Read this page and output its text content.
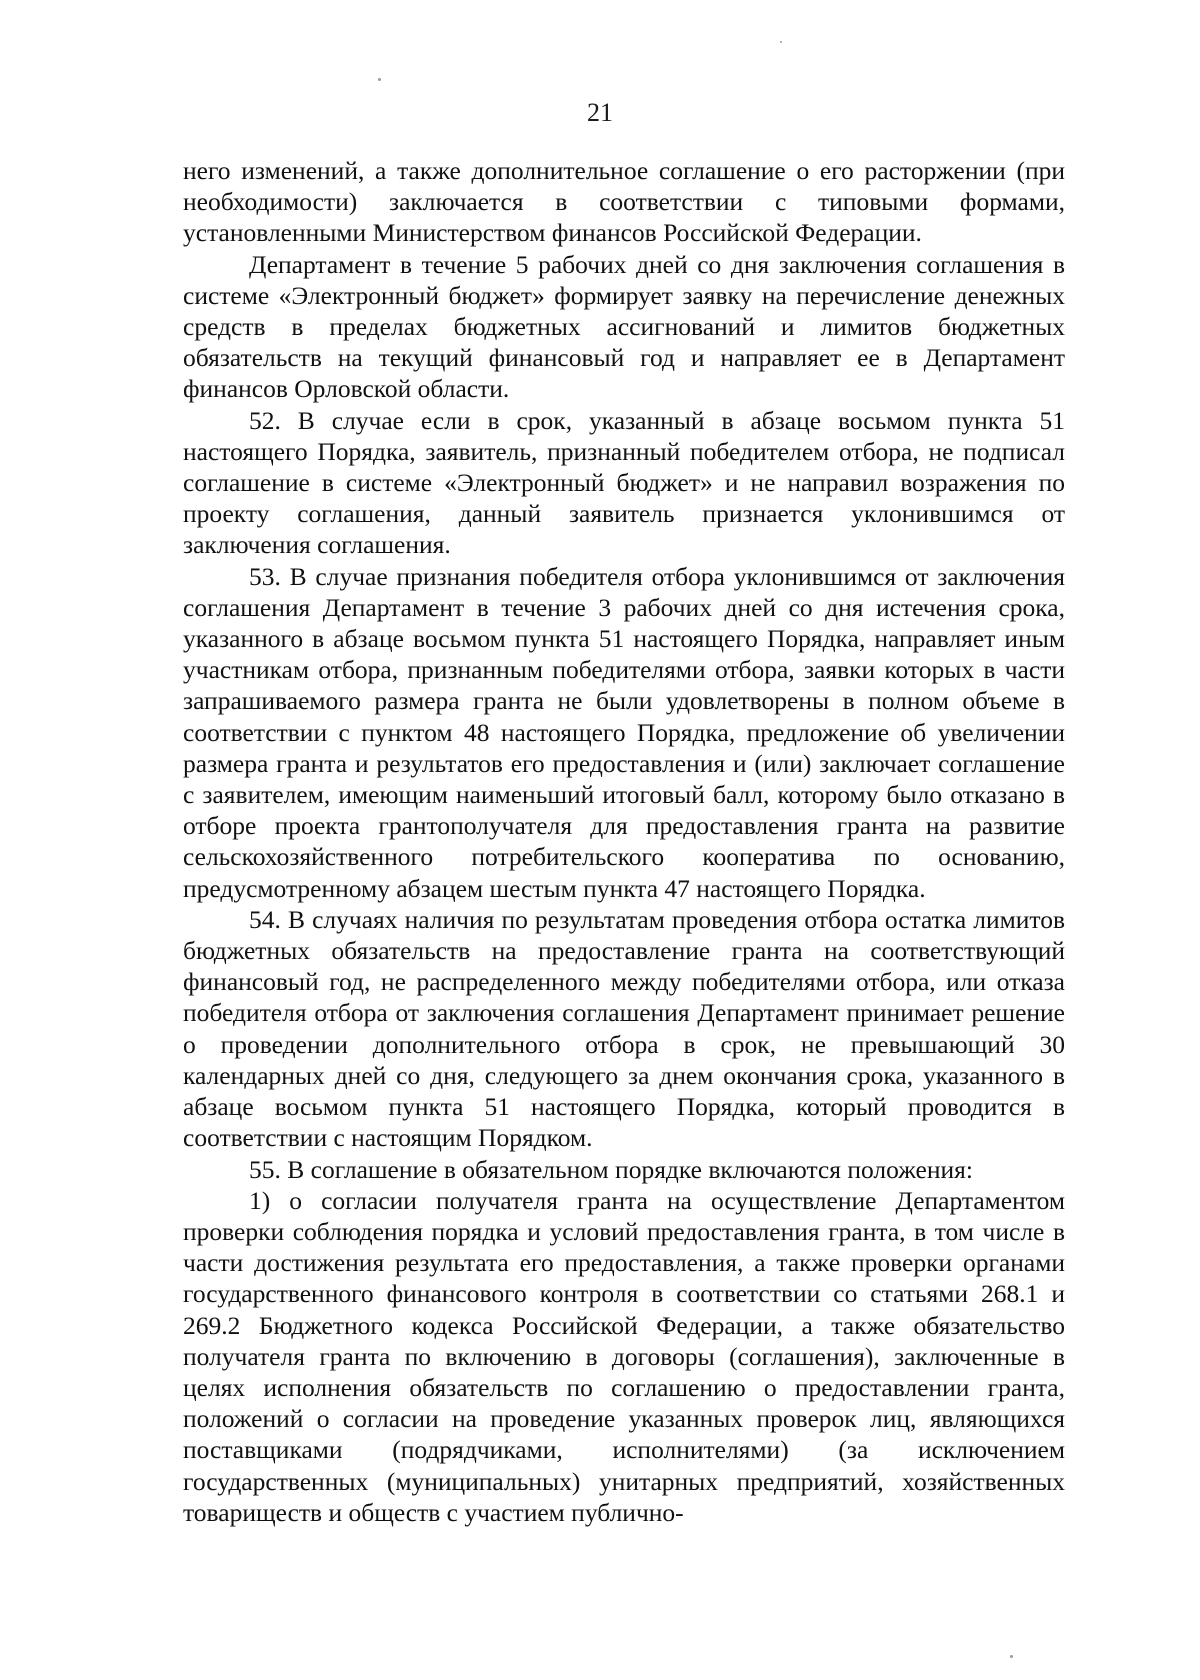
21

него изменений, а также дополнительное соглашение о его расторжении (при необходимости) заключается в соответствии с типовыми формами, установленными Министерством финансов Российской Федерации.

Департамент в течение 5 рабочих дней со дня заключения соглашения в системе «Электронный бюджет» формирует заявку на перечисление денежных средств в пределах бюджетных ассигнований и лимитов бюджетных обязательств на текущий финансовый год и направляет ее в Департамент финансов Орловской области.

52. В случае если в срок, указанный в абзаце восьмом пункта 51 настоящего Порядка, заявитель, признанный победителем отбора, не подписал соглашение в системе «Электронный бюджет» и не направил возражения по проекту соглашения, данный заявитель признается уклонившимся от заключения соглашения.

53. В случае признания победителя отбора уклонившимся от заключения соглашения Департамент в течение 3 рабочих дней со дня истечения срока, указанного в абзаце восьмом пункта 51 настоящего Порядка, направляет иным участникам отбора, признанным победителями отбора, заявки которых в части запрашиваемого размера гранта не были удовлетворены в полном объеме в соответствии с пунктом 48 настоящего Порядка, предложение об увеличении размера гранта и результатов его предоставления и (или) заключает соглашение с заявителем, имеющим наименьший итоговый балл, которому было отказано в отборе проекта грантополучателя для предоставления гранта на развитие сельскохозяйственного потребительского кооператива по основанию, предусмотренному абзацем шестым пункта 47 настоящего Порядка.

54. В случаях наличия по результатам проведения отбора остатка лимитов бюджетных обязательств на предоставление гранта на соответствующий финансовый год, не распределенного между победителями отбора, или отказа победителя отбора от заключения соглашения Департамент принимает решение о проведении дополнительного отбора в срок, не превышающий 30 календарных дней со дня, следующего за днем окончания срока, указанного в абзаце восьмом пункта 51 настоящего Порядка, который проводится в соответствии с настоящим Порядком.

55. В соглашение в обязательном порядке включаются положения:

1) о согласии получателя гранта на осуществление Департаментом проверки соблюдения порядка и условий предоставления гранта, в том числе в части достижения результата его предоставления, а также проверки органами государственного финансового контроля в соответствии со статьями 268.1 и 269.2 Бюджетного кодекса Российской Федерации, а также обязательство получателя гранта по включению в договоры (соглашения), заключенные в целях исполнения обязательств по соглашению о предоставлении гранта, положений о согласии на проведение указанных проверок лиц, являющихся поставщиками (подрядчиками, исполнителями) (за исключением государственных (муниципальных) унитарных предприятий, хозяйственных товариществ и обществ с участием публично-
